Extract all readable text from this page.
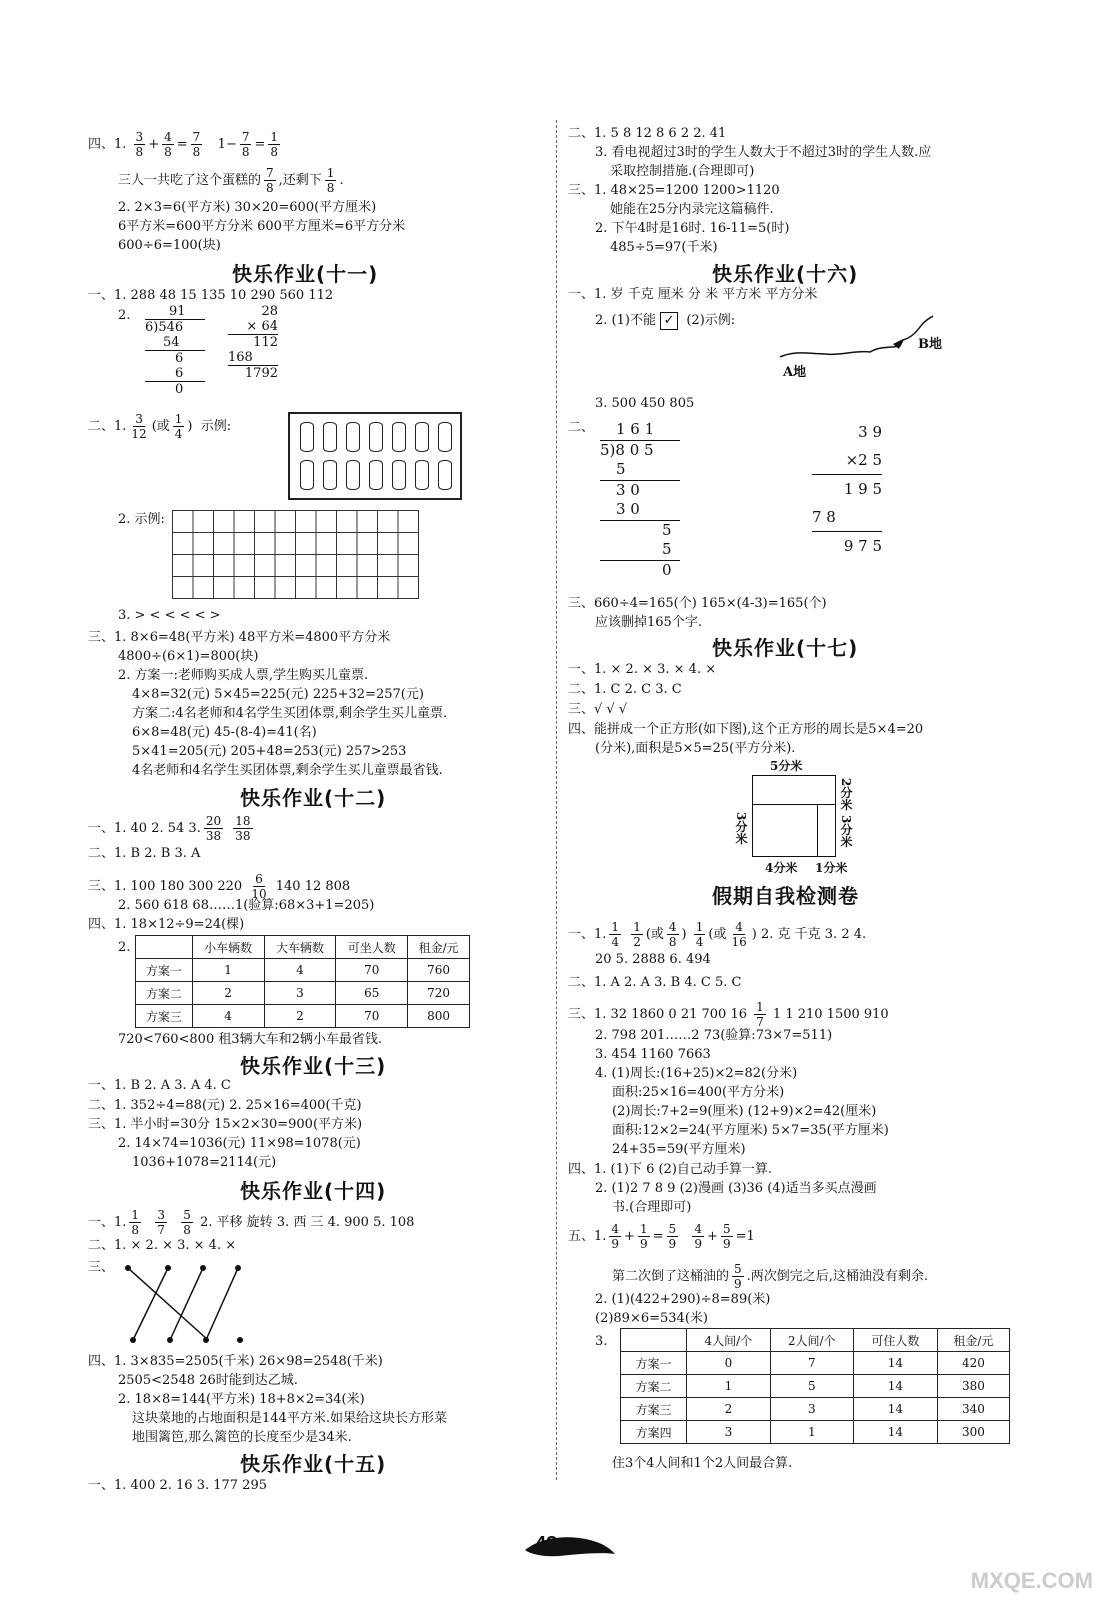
四、1. $\frac{3}{8} + \frac{4}{8} = \frac{7}{8} 1- \frac{7}{8} = \frac{1}{8}$
三人一共吃了这个蛋糕的 $\frac{7}{8}$ ,还剩下 $\frac{1}{8}$ .
2. 2×3=6(平方米) 30×20=600(平方厘米)
6平方米=600平方分米 600平方厘米=6平方分米
600÷6=100(块)
快乐作业(十一)
一、1. 288 48 15 135 10 290 560 112
2.	91
6)546
54
6
6
0
28
× 64
112
168
1792
二、1. $\frac{3}{12}$ (或 $\frac{1}{4}$ )  示例:
2. 示例:
3. > < < < < >
三、1. 8×6=48(平方米) 48平方米=4800平方分米
4800÷(6×1)=800(块)
2. 方案一:老师购买成人票,学生购买儿童票.
4×8=32(元) 5×45=225(元) 225+32=257(元)
方案二:4名老师和4名学生买团体票,剩余学生买儿童票.
6×8=48(元) 45-(8-4)=41(名)
5×41=205(元) 205+48=253(元) 257>253
4名老师和4名学生买团体票,剩余学生买儿童票最省钱.
快乐作业(十二)
一、1. 40 2. 54 3. $\frac{20}{38}$
$\frac{18}{38}$
二、1. B 2. B 3. A
三、1. 100 180 300 $220 \frac{6}{10} 140$ 12 808
2. 560 618 68……1(验算:68×3+1=205)
四、1. 18×12÷9=24(棵)
2.
		小车辆数	大车辆数	可坐人数	租金/元
方案一	1	4	70	760
方案二	2	3	65	720
方案三	4	2	70	800
720<760<800 租3辆大车和2辆小车最省钱.
快乐作业(十三)
一、1. B 2. A 3. A 4. C
二、1. 352÷4=88(元) 2. 25×16=400(千克)
三、1. 半小时=30分 15×2×30=900(平方米)
2. 14×74=1036(元) 11×98=1078(元)
1036+1078=2114(元)
快乐作业(十四)
一、1. $\frac{1}{8}$
$\frac{3}{7}$
$\frac{5}{8} 2$. 平移 旋转 3. 西 三 4. 900 5. 108
二、1. × 2. × 3. × 4. ×
三、
四、1. 3×835=2505(千米) 26×98=2548(千米)
2505<2548 26时能到达乙城.
2. 18×8=144(平方米) 18+8×2=34(米)
这块菜地的占地面积是144平方米.如果给这块长方形菜
地围篱笆,那么篱笆的长度至少是34米.
快乐作业(十五)
一、1. 400 2. 16 3. 177 295
二、1. 5 8 12 8 6 2 2. 41
3. 看电视超过3时的学生人数大于不超过3时的学生人数.应
采取控制措施.(合理即可)
三、1. 48×25=1200 1200>1120
她能在25分内录完这篇稿件.
2. 下午4时是16时. 16-11=5(时)
485÷5=97(千米)
快乐作业(十六)
一、1. 岁 千克 厘米 分 米 平方米 平方分米
2. (1)不能 ✓ (2)示例:
A地
B地
3. 500 450 805
二、	1 6 1
5)8 0 5
5
3 0
3 0
5
5
0
3 9
×2 5
1 9 5
7 8
9 7 5
三、660÷4=165(个) 165×(4-3)=165(个)
应该删掉165个字.
快乐作业(十七)
一、1. × 2. × 3. × 4. ×
二、1. C 2. C 3. C
三、√ √ √
四、能拼成一个正方形(如下图),这个正方形的周长是5×4=20
(分米),面积是5×5=25(平方分米).
5分米
2分米
3分米
3分米
4分米 1分米
假期自我检测卷
一、1. $\frac{1}{4}$
$\frac{1}{2}$ (或 $\frac{4}{8}$ ) $\frac{1}{4}$ (或 $\frac{4}{16}$ ) 2. 克 千克 3. 2 4.
20 5. 2888 6. 494
二、1. A 2. A 3. B 4. C 5. C
三、1. 32 1860 0 21 700 $16 \frac{1}{7} 1$ 1 210 1500 910
2. 798 201……2 73(验算:73×7=511)
3. 454 1160 7663
4. (1)周长:(16+25)×2=82(分米)
面积:25×16=400(平方分米)
(2)周长:7+2=9(厘米) (12+9)×2=42(厘米)
面积:12×2=24(平方厘米) 5×7=35(平方厘米)
24+35=59(平方厘米)
四、1. (1)下 6 (2)自己动手算一算.
2. (1)2 7 8 9 (2)漫画 (3)36 (4)适当多买点漫画
书.(合理即可)
五、1. $\frac{4}{9} + \frac{1}{9} = \frac{5}{9}$
$\frac{4}{9} + \frac{5}{9} =1$
第二次倒了这桶油的 $\frac{5}{9}$ .两次倒完之后,这桶油没有剩余.
2. (1)(422+290)÷8=89(米)
(2)89×6=534(米)
3.
		4人间/个	2人间/个	可住人数	租金/元
方案一	0	7	14	420
方案二	1	5	14	380
方案三	2	3	14	340
方案四	3	1	14	300
住3个4人间和1个2人间最合算.
MXQE.COM
